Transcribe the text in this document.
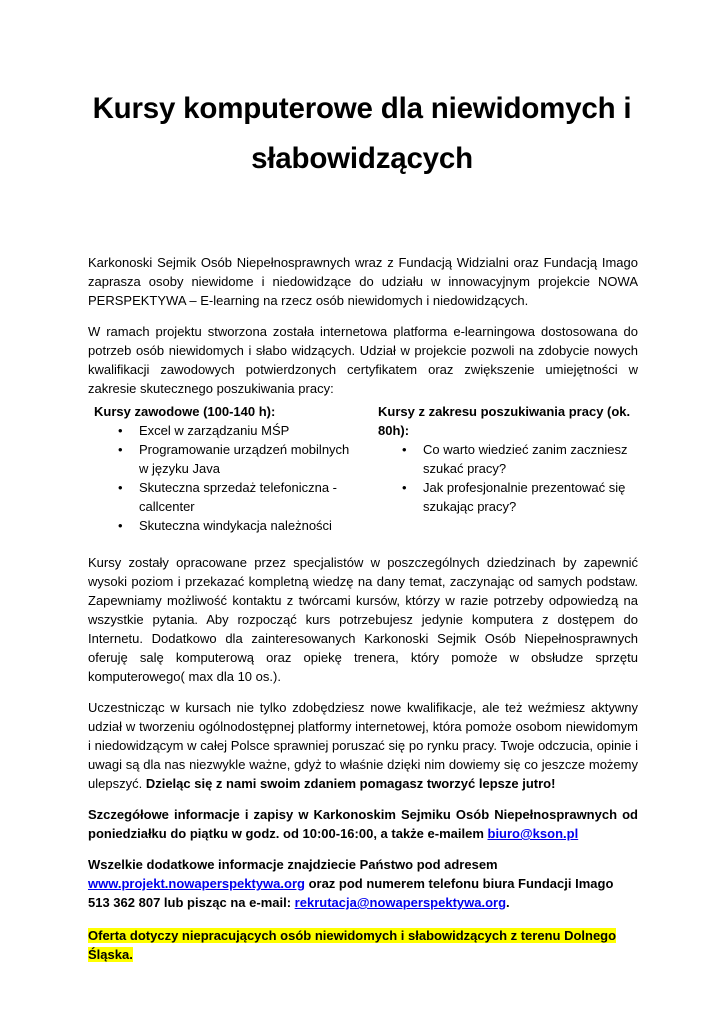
Kursy komputerowe dla niewidomych i słabowidzących

Karkonoski Sejmik Osób Niepełnosprawnych wraz z Fundacją Widzialni oraz Fundacją Imago zaprasza osoby niewidome i niedowidzące do udziału w innowacyjnym projekcie NOWA PERSPEKTYWA – E-learning na rzecz osób niewidomych i niedowidzących.

W ramach projektu stworzona została internetowa platforma e-learningowa dostosowana do potrzeb osób niewidomych i słabo widzących. Udział w projekcie pozwoli na zdobycie nowych kwalifikacji zawodowych potwierdzonych certyfikatem oraz zwiększenie umiejętności w zakresie skutecznego poszukiwania pracy:

Kursy zawodowe (100-140 h):
• Excel w zarządzaniu MŚP
• Programowanie urządzeń mobilnych w języku Java
• Skuteczna sprzedaż telefoniczna - callcenter
• Skuteczna windykacja należności
Kursy z zakresu poszukiwania pracy (ok. 80h):
• Co warto wiedzieć zanim zaczniesz szukać pracy?
• Jak profesjonalnie prezentować się szukając pracy?

Kursy zostały opracowane przez specjalistów w poszczególnych dziedzinach by zapewnić wysoki poziom i przekazać kompletną wiedzę na dany temat, zaczynając od samych podstaw. Zapewniamy możliwość kontaktu z twórcami kursów, którzy w razie potrzeby odpowiedzą na wszystkie pytania. Aby rozpocząć kurs potrzebujesz jedynie komputera z dostępem do Internetu. Dodatkowo dla zainteresowanych Karkonoski Sejmik Osób Niepełnosprawnych oferuję salę komputerową oraz opiekę trenera, który pomoże w obsłudze sprzętu komputerowego( max dla 10 os.).

Uczestnicząc w kursach nie tylko zdobędziesz nowe kwalifikacje, ale też weźmiesz aktywny udział w tworzeniu ogólnodostępnej platformy internetowej, która pomoże osobom niewidomym i niedowidzącym w całej Polsce sprawniej poruszać się po rynku pracy. Twoje odczucia, opinie i uwagi są dla nas niezwykle ważne, gdyż to właśnie dzięki nim dowiemy się co jeszcze możemy ulepszyć. Dzieląc się z nami swoim zdaniem pomagasz tworzyć lepsze jutro!

Szczegółowe informacje i zapisy w Karkonoskim Sejmiku Osób Niepełnosprawnych od poniedziałku do piątku w godz. od 10:00-16:00, a także e-mailem biuro@kson.pl

Wszelkie dodatkowe informacje znajdziecie Państwo pod adresem
www.projekt.nowaperspektywa.org oraz pod numerem telefonu biura Fundacji Imago 513 362 807 lub pisząc na e-mail: rekrutacja@nowaperspektywa.org.

Oferta dotyczy niepracujących osób niewidomych i słabowidzących z terenu Dolnego Śląska.
